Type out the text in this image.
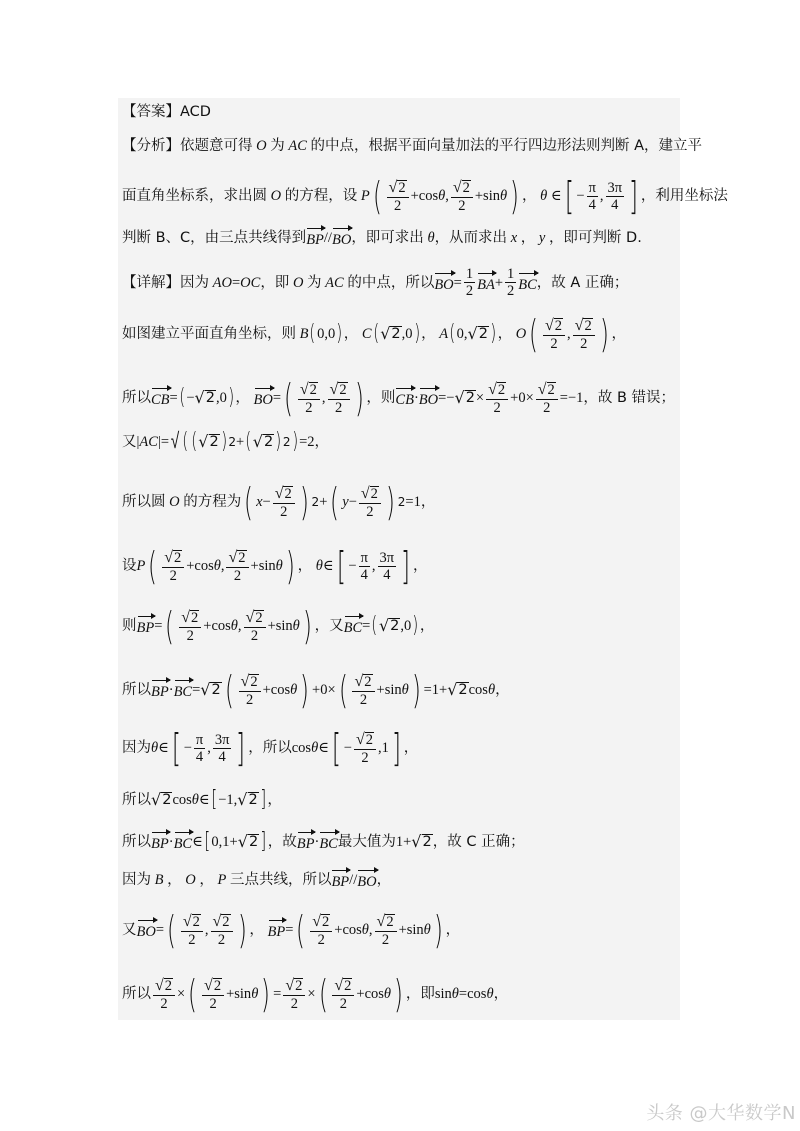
【答案】 ACD
【分析】 依题意可得 O 为 AC 的中点，根据平面向量加法的平行四边形法则判断 A，建立平
面直角坐标系，求出圆 O 的方程，设 P ( $\frac{√ 2}{2} +\cos$ θ , $\frac{√ 2}{2} +\sin$ θ ) ， θ ∈ [ − $\frac{\pi}{4}$ , $\frac{3\pi}{4}$ ] ，利用坐标法
判断 B、C，由三点共线得到 BP // BO ，即可求出 θ ，从而求出 x ， y ，即可判断 D.
【详解】 因为 AO = OC ，即 O 为 AC 的中点，所以 BO = $\frac{1}{2}$ BA + $\frac{1}{2}$ BC ，故 A 正确；
如图建立平面直角坐标，则 B ( 0,0 ) ， C ( √ 2 ,0 ) ， A ( 0, √ 2 ) ， O ( $\frac{√ 2}{2}$ , $\frac{√ 2}{2}$ ) ，
所以 CB = ( − √ 2 ,0 ) ， BO = ( $\frac{√ 2}{2}$ , $\frac{√ 2}{2}$ ) ，则 CB · BO =− √ $2 \times \frac{√ 2}{2} +0\times \frac{√ 2}{2} =-1$ ，故 B 错误；
又 | AC |= √ ( ( √ 2 ) 2 + ( √ 2 ) 2 ) =2，
所以圆 O 的方程为 ( $x - \frac{√ 2}{2}$ ) 2 + ( $y - \frac{√ 2}{2}$ ) 2 =1，
设 P ( $\frac{√ 2}{2} +\cos$ θ , $\frac{√ 2}{2} +\sin$ θ ) ， θ ∈ [ − $\frac{\pi}{4}$ , $\frac{3\pi}{4}$ ] ，
则 BP = ( $\frac{√ 2}{2} +\cos$ θ , $\frac{√ 2}{2} +\sin$ θ ) ，又 BC = ( √ 2 ,0 ) ，
所以 BP · BC = √ 2 ( $\frac{√ 2}{2} +\cos$ θ ) +0× ( $\frac{√ 2}{2} +\sin$ θ ) =1+ √ 2 cos θ ，
因为 θ ∈ [ − $\frac{\pi}{4}$ , $\frac{3\pi}{4}$ ] ，所以 cos θ ∈ [ − $\frac{√ 2}{2} ,1$ ] ，
所以 √ 2 cos θ ∈ [ −1, √ 2 ] ，
所以 BP · BC ∈ [ 0,1+ √ 2 ] ，故 BP · BC 最大值为 1+ √ 2 ，故 C 正确；
因为 B ， O ， P 三点共线，所以 BP // BO ，
又 BO = ( $\frac{√ 2}{2}$ , $\frac{√ 2}{2}$ ) ， BP = ( $\frac{√ 2}{2} +\cos$ θ , $\frac{√ 2}{2} +\sin$ θ ) ，
所以 $\frac{√ 2}{2}$ × ( $\frac{√ 2}{2} +\sin$ θ ) = $\frac{√ 2}{2}$ × ( $\frac{√ 2}{2} +\cos$ θ ) ，即 sin θ =cos θ ，
头条 @大华数学N
